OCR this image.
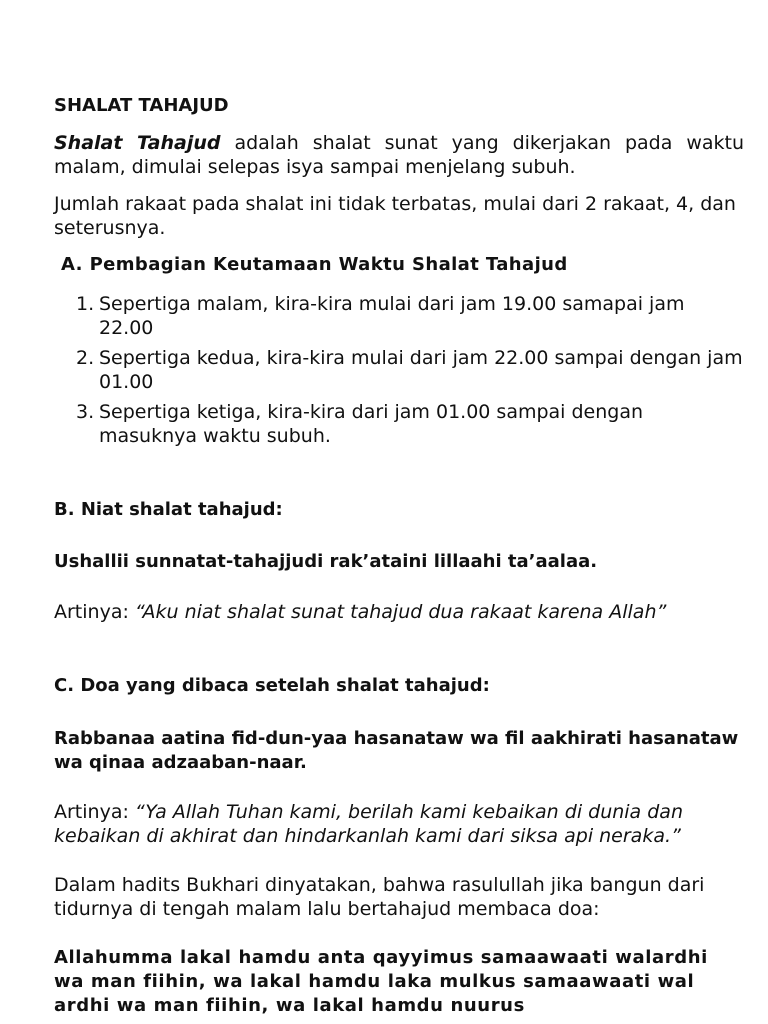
SHALAT TAHAJUD

Shalat Tahajud adalah shalat sunat yang dikerjakan pada waktu malam, dimulai selepas isya sampai menjelang subuh.

Jumlah rakaat pada shalat ini tidak terbatas, mulai dari 2 rakaat, 4, dan seterusnya.

A. Pembagian Keutamaan Waktu Shalat Tahajud

1. Sepertiga malam, kira-kira mulai dari jam 19.00 samapai jam 22.00
2. Sepertiga kedua, kira-kira mulai dari jam 22.00 sampai dengan jam 01.00
3. Sepertiga ketiga, kira-kira dari jam 01.00 sampai dengan masuknya waktu subuh.

B. Niat shalat tahajud:

Ushallii sunnatat-tahajjudi rak’ataini lillaahi ta’aalaa.

Artinya: “Aku niat shalat sunat tahajud dua rakaat karena Allah”

C. Doa yang dibaca setelah shalat tahajud:

Rabbanaa aatina fid-dun-yaa hasanataw wa fil aakhirati hasanataw wa qinaa adzaaban-naar.

Artinya: “Ya Allah Tuhan kami, berilah kami kebaikan di dunia dan kebaikan di akhirat dan hindarkanlah kami dari siksa api neraka.”

Dalam hadits Bukhari dinyatakan, bahwa rasulullah jika bangun dari tidurnya di tengah malam lalu bertahajud membaca doa:

Allahumma lakal hamdu anta qayyimus samaawaati walardhi wa man fiihin, wa lakal hamdu laka mulkus samaawaati wal ardhi wa man fiihin, wa lakal hamdu nuurus
